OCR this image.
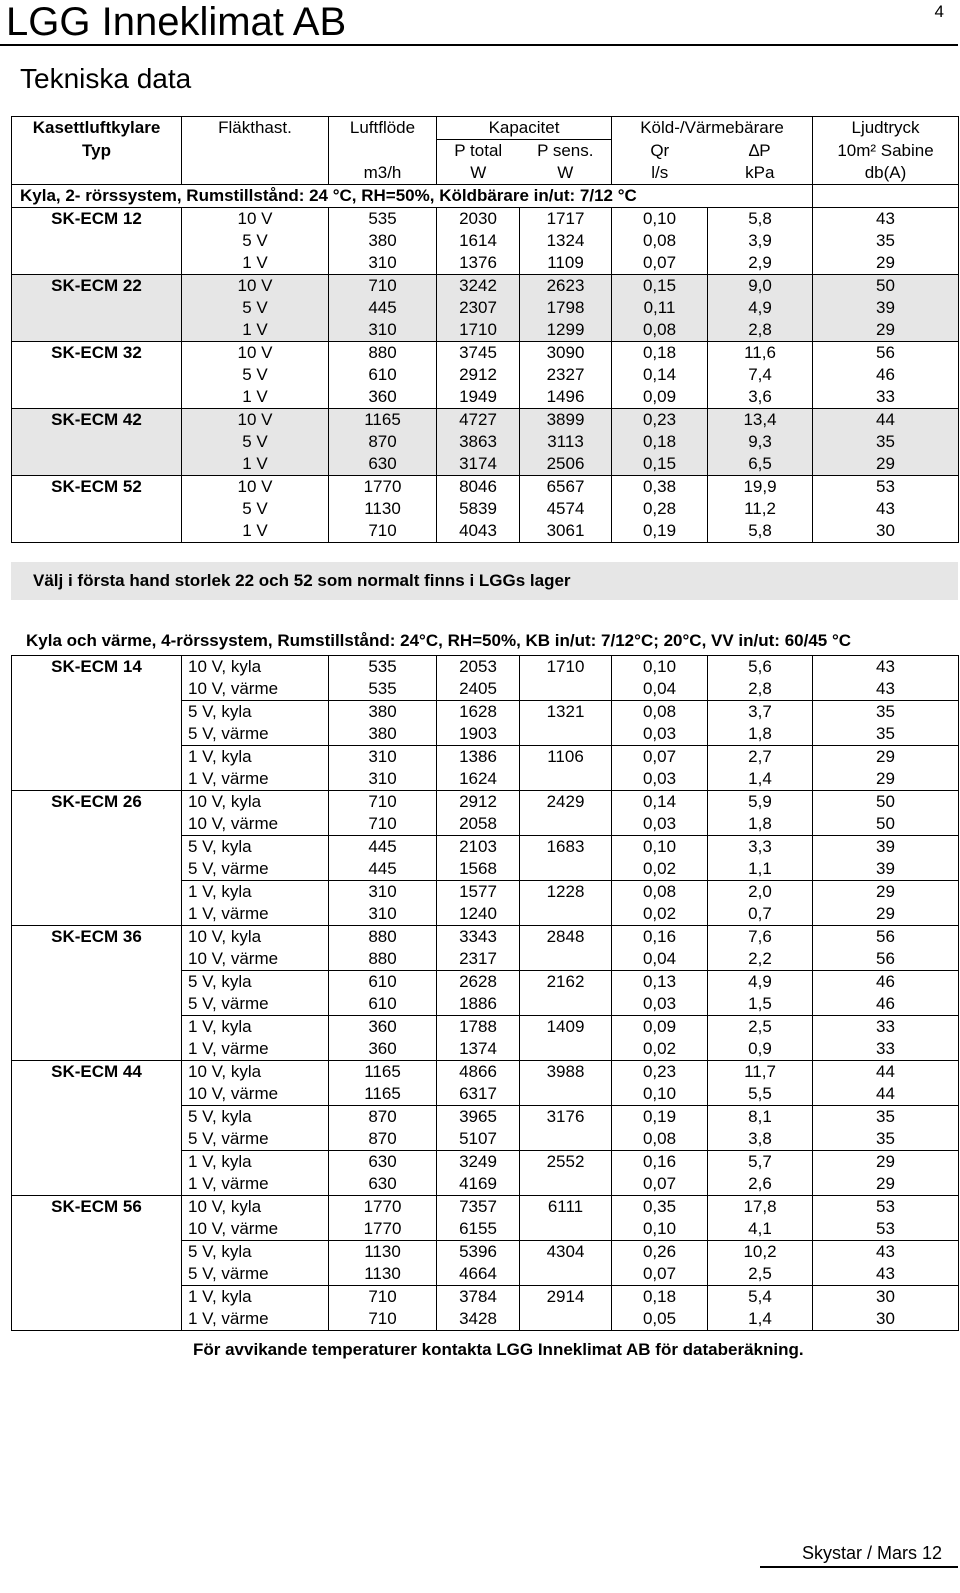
LGG Inneklimat AB	4
Tekniska data
Kasettluftkylare	Fläkthast.	Luftflöde	Kapacitet		Köld-/Värmebärare		Ljudtryck
Typ			P total	P sens.	Qr	∆P	10m² Sabine
		m3/h	W	W	l/s	kPa	db(A)
Kyla, 2- rörssystem, Rumstillstånd: 24 °C, RH=50%, Köldbärare in/ut: 7/12 °C							
SK-ECM 12	10 V	535	2030	1717	0,10	5,8	43
	5 V	380	1614	1324	0,08	3,9	35
	1 V	310	1376	1109	0,07	2,9	29
SK-ECM 22	10 V	710	3242	2623	0,15	9,0	50
	5 V	445	2307	1798	0,11	4,9	39
	1 V	310	1710	1299	0,08	2,8	29
SK-ECM 32	10 V	880	3745	3090	0,18	11,6	56
	5 V	610	2912	2327	0,14	7,4	46
	1 V	360	1949	1496	0,09	3,6	33
SK-ECM 42	10 V	1165	4727	3899	0,23	13,4	44
	5 V	870	3863	3113	0,18	9,3	35
	1 V	630	3174	2506	0,15	6,5	29
SK-ECM 52	10 V	1770	8046	6567	0,38	19,9	53
	5 V	1130	5839	4574	0,28	11,2	43
	1 V	710	4043	3061	0,19	5,8	30
Välj i första hand storlek 22 och 52 som normalt finns i LGGs lager
Kyla och värme, 4-rörssystem, Rumstillstånd: 24°C, RH=50%, KB in/ut: 7/12°C; 20°C, VV in/ut: 60/45 °C
SK-ECM 14	10 V, kyla	535	2053	1710	0,10	5,6	43
	10 V, värme	535	2405		0,04	2,8	43
	5 V, kyla	380	1628	1321	0,08	3,7	35
	5 V, värme	380	1903		0,03	1,8	35
	1 V, kyla	310	1386	1106	0,07	2,7	29
	1 V, värme	310	1624		0,03	1,4	29
SK-ECM 26	10 V, kyla	710	2912	2429	0,14	5,9	50
	10 V, värme	710	2058		0,03	1,8	50
	5 V, kyla	445	2103	1683	0,10	3,3	39
	5 V, värme	445	1568		0,02	1,1	39
	1 V, kyla	310	1577	1228	0,08	2,0	29
	1 V, värme	310	1240		0,02	0,7	29
SK-ECM 36	10 V, kyla	880	3343	2848	0,16	7,6	56
	10 V, värme	880	2317		0,04	2,2	56
	5 V, kyla	610	2628	2162	0,13	4,9	46
	5 V, värme	610	1886		0,03	1,5	46
	1 V, kyla	360	1788	1409	0,09	2,5	33
	1 V, värme	360	1374		0,02	0,9	33
SK-ECM 44	10 V, kyla	1165	4866	3988	0,23	11,7	44
	10 V, värme	1165	6317		0,10	5,5	44
	5 V, kyla	870	3965	3176	0,19	8,1	35
	5 V, värme	870	5107		0,08	3,8	35
	1 V, kyla	630	3249	2552	0,16	5,7	29
	1 V, värme	630	4169		0,07	2,6	29
SK-ECM 56	10 V, kyla	1770	7357	6111	0,35	17,8	53
	10 V, värme	1770	6155		0,10	4,1	53
	5 V, kyla	1130	5396	4304	0,26	10,2	43
	5 V, värme	1130	4664		0,07	2,5	43
	1 V, kyla	710	3784	2914	0,18	5,4	30
	1 V, värme	710	3428		0,05	1,4	30
För avvikande temperaturer kontakta LGG Inneklimat AB för databeräkning.
Skystar / Mars 12
